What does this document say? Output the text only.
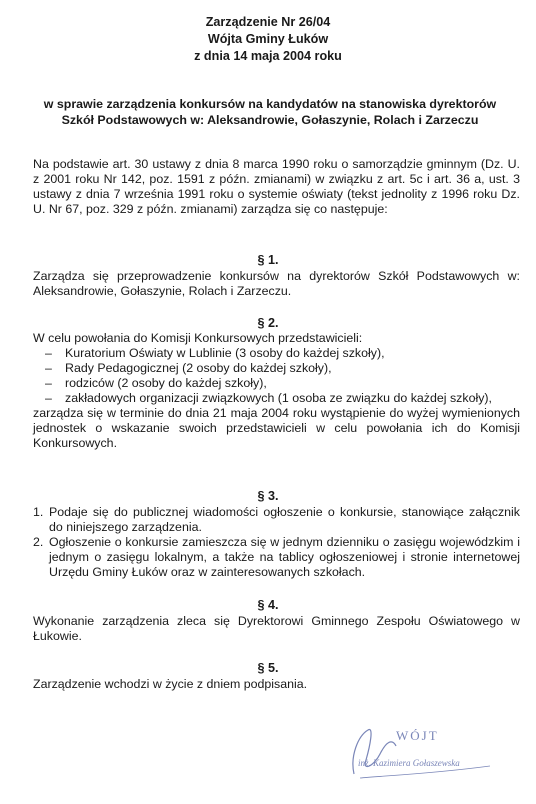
Zarządzenie Nr 26/04
Wójta Gminy Łuków
z dnia 14 maja 2004 roku
w sprawie zarządzenia konkursów na kandydatów na stanowiska dyrektorów
Szkół Podstawowych w: Aleksandrowie, Gołaszynie, Rolach i Zarzeczu
Na podstawie art. 30 ustawy z dnia 8 marca 1990 roku o samorządzie gminnym (Dz. U. z 2001 roku Nr 142, poz. 1591 z późn. zmianami) w związku z art. 5c i art. 36 a, ust. 3 ustawy z dnia 7 września 1991 roku o systemie oświaty (tekst jednolity z 1996 roku Dz. U. Nr 67, poz. 329 z późn. zmianami) zarządza się co następuje:
§ 1.
Zarządza się przeprowadzenie konkursów na dyrektorów Szkół Podstawowych w: Aleksandrowie, Gołaszynie, Rolach i Zarzeczu.
§ 2.
W celu powołania do Komisji Konkursowych przedstawicieli:
– Kuratorium Oświaty w Lublinie (3 osoby do każdej szkoły),
– Rady Pedagogicznej (2 osoby do każdej szkoły),
– rodziców (2 osoby do każdej szkoły),
– zakładowych organizacji związkowych (1 osoba ze związku do każdej szkoły),
zarządza się w terminie do dnia 21 maja 2004 roku wystąpienie do wyżej wymienionych jednostek o wskazanie swoich przedstawicieli w celu powołania ich do Komisji Konkursowych.
§ 3.
1. Podaje się do publicznej wiadomości ogłoszenie o konkursie, stanowiące załącznik do niniejszego zarządzenia.
2. Ogłoszenie o konkursie zamieszcza się w jednym dzienniku o zasięgu wojewódzkim i jednym o zasięgu lokalnym, a także na tablicy ogłoszeniowej i stronie internetowej Urzędu Gminy Łuków oraz w zainteresowanych szkołach.
§ 4.
Wykonanie zarządzenia zleca się Dyrektorowi Gminnego Zespołu Oświatowego w Łukowie.
§ 5.
Zarządzenie wchodzi w życie z dniem podpisania.
WÓJT
inż. Kazimiera Gołaszewska
